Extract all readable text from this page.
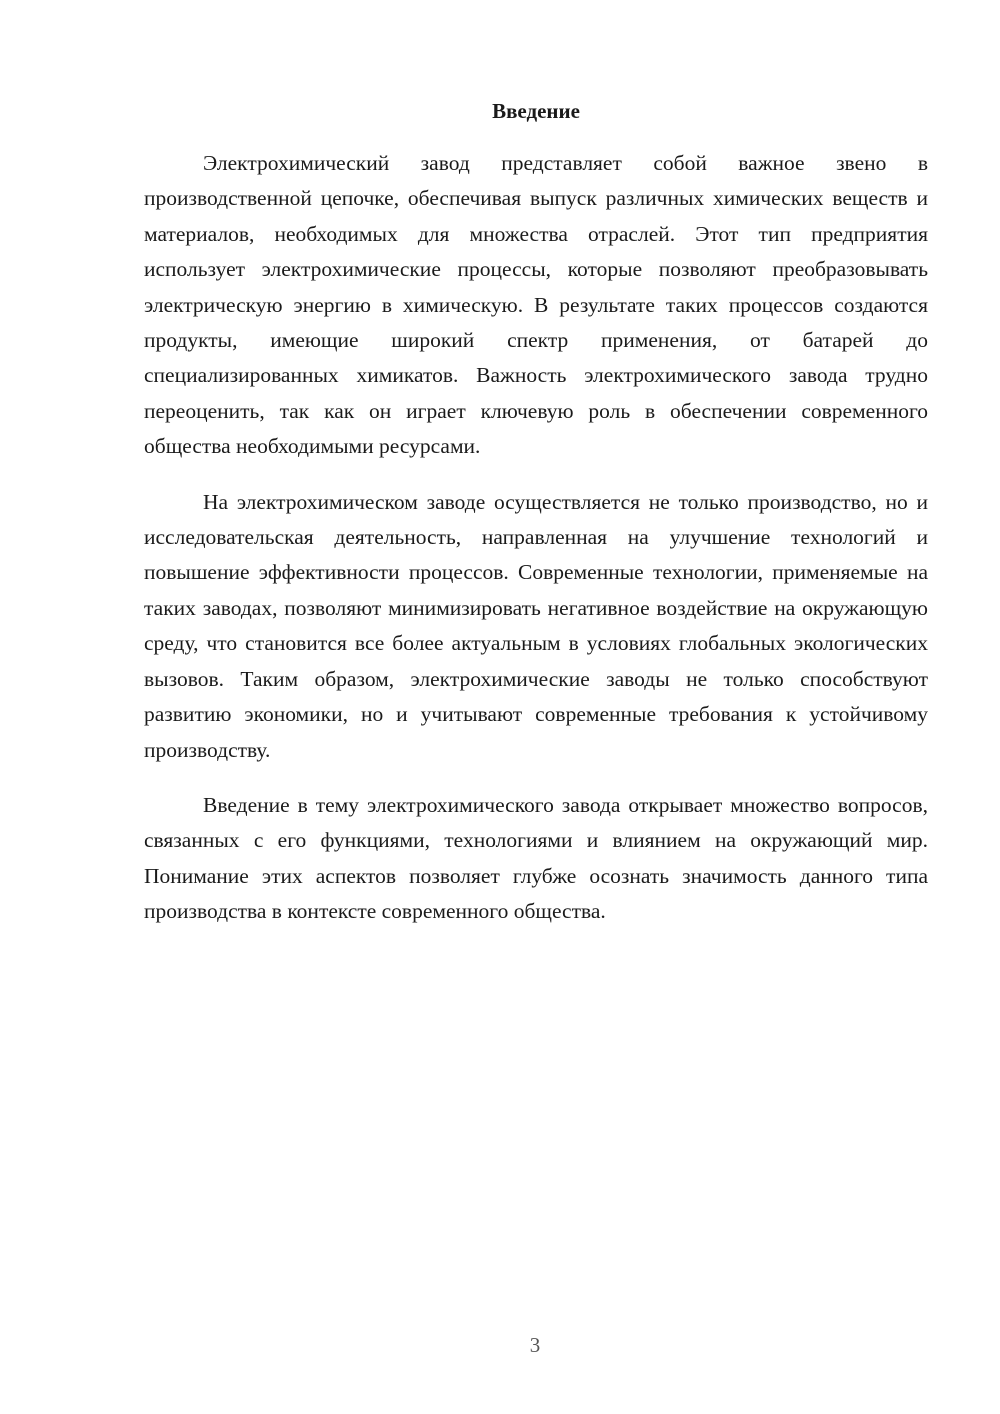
Введение

Электрохимический завод представляет собой важное звено в производственной цепочке, обеспечивая выпуск различных химических веществ и материалов, необходимых для множества отраслей. Этот тип предприятия использует электрохимические процессы, которые позволяют преобразовывать электрическую энергию в химическую. В результате таких процессов создаются продукты, имеющие широкий спектр применения, от батарей до специализированных химикатов. Важность электрохимического завода трудно переоценить, так как он играет ключевую роль в обеспечении современного общества необходимыми ресурсами.

На электрохимическом заводе осуществляется не только производство, но и исследовательская деятельность, направленная на улучшение технологий и повышение эффективности процессов. Современные технологии, применяемые на таких заводах, позволяют минимизировать негативное воздействие на окружающую среду, что становится все более актуальным в условиях глобальных экологических вызовов. Таким образом, электрохимические заводы не только способствуют развитию экономики, но и учитывают современные требования к устойчивому производству.

Введение в тему электрохимического завода открывает множество вопросов, связанных с его функциями, технологиями и влиянием на окружающий мир. Понимание этих аспектов позволяет глубже осознать значимость данного типа производства в контексте современного общества.

3
